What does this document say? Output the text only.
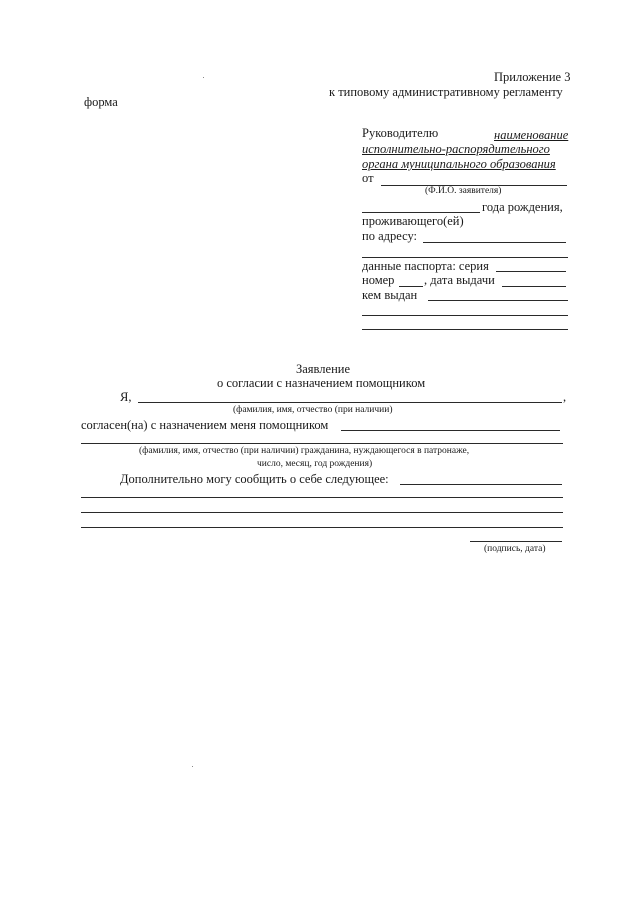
Приложение 3
к типовому административному регламенту
форма
Руководителю	наименование
исполнительно-распорядительного
органа муниципального образования
от
(Ф.И.О. заявителя)
года рождения,
проживающего(ей)
по адресу:
данные паспорта: серия
номер , дата выдачи
кем выдан
Заявление
о согласии с назначением помощником
Я,	,
(фамилия, имя, отчество (при наличии)
согласен(на) с назначением меня помощником
(фамилия, имя, отчество (при наличии) гражданина, нуждающегося в патронаже,
число, месяц, год рождения)
Дополнительно могу сообщить о себе следующее:
(подпись, дата)
